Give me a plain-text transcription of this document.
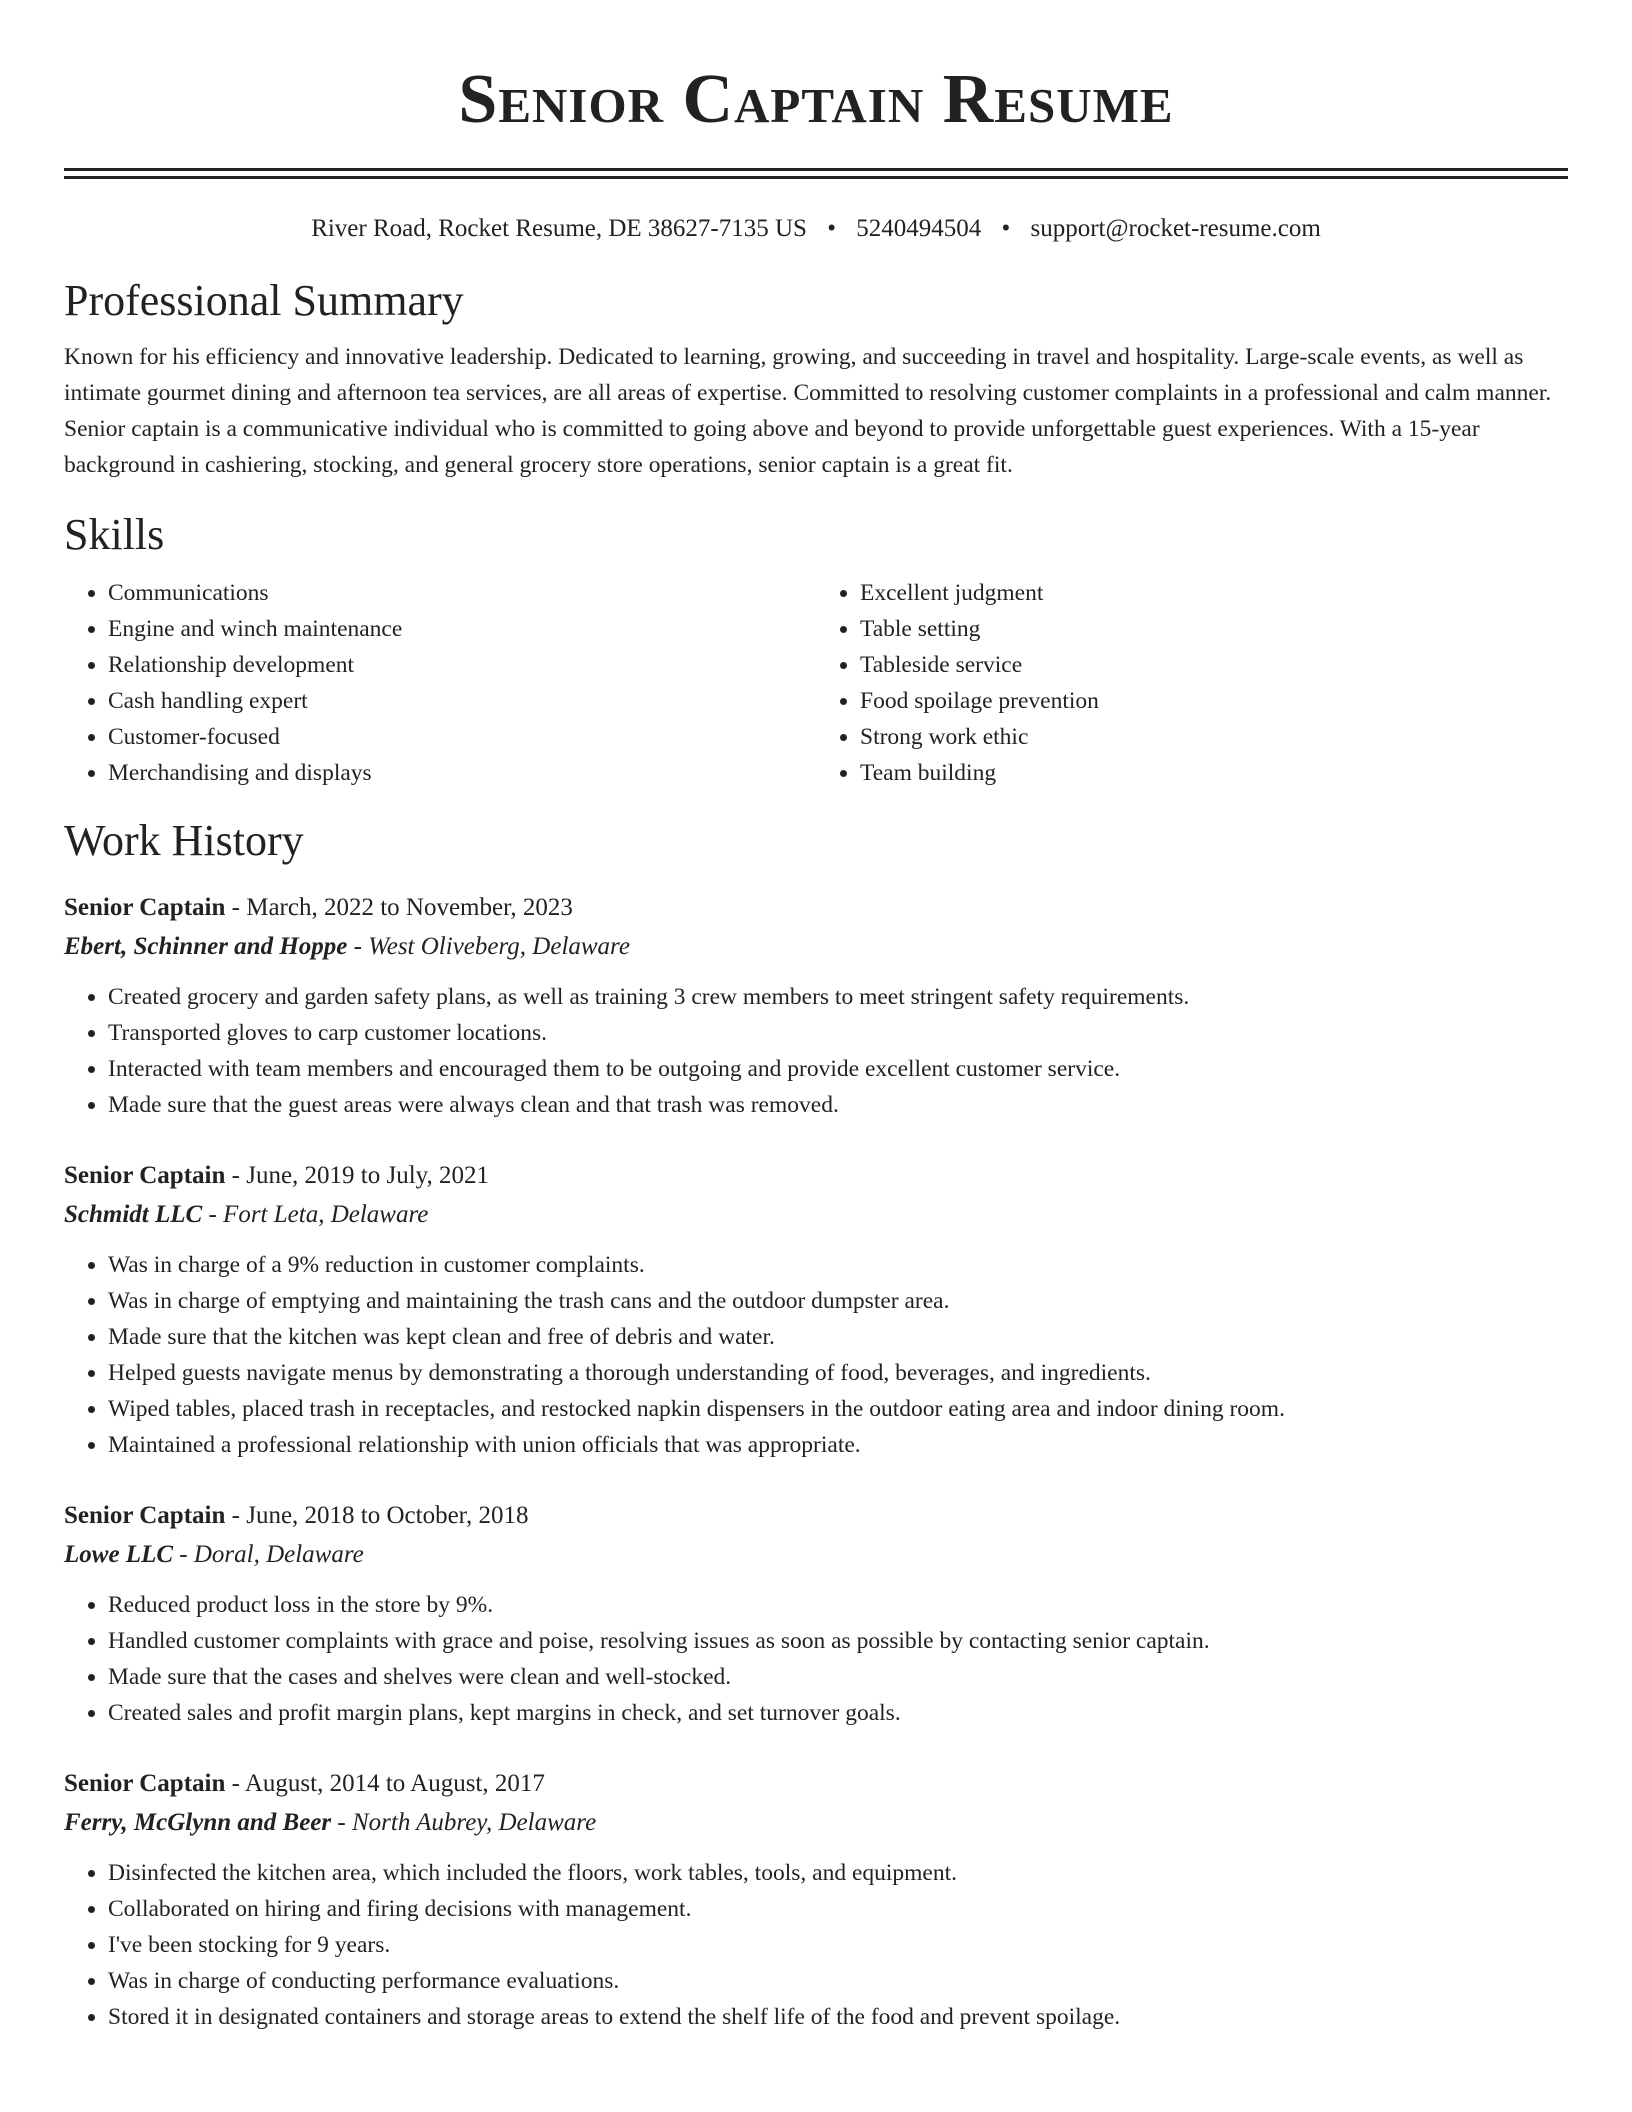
Senior Captain Resume
River Road, Rocket Resume, DE 38627-7135 US • 5240494504 • support@rocket-resume.com
Professional Summary

Known for his efficiency and innovative leadership. Dedicated to learning, growing, and succeeding in travel and hospitality. Large-scale events, as well as intimate gourmet dining and afternoon tea services, are all areas of expertise. Committed to resolving customer complaints in a professional and calm manner. Senior captain is a communicative individual who is committed to going above and beyond to provide unforgettable guest experiences. With a 15-year background in cashiering, stocking, and general grocery store operations, senior captain is a great fit.

Skills
• Communications
• Engine and winch maintenance
• Relationship development
• Cash handling expert
• Customer-focused
• Merchandising and displays
• Excellent judgment
• Table setting
• Tableside service
• Food spoilage prevention
• Strong work ethic
• Team building
Work History
Senior Captain - March, 2022 to November, 2023
Ebert, Schinner and Hoppe - West Oliveberg, Delaware
• Created grocery and garden safety plans, as well as training 3 crew members to meet stringent safety requirements.
• Transported gloves to carp customer locations.
• Interacted with team members and encouraged them to be outgoing and provide excellent customer service.
• Made sure that the guest areas were always clean and that trash was removed.
Senior Captain - June, 2019 to July, 2021
Schmidt LLC - Fort Leta, Delaware
• Was in charge of a 9% reduction in customer complaints.
• Was in charge of emptying and maintaining the trash cans and the outdoor dumpster area.
• Made sure that the kitchen was kept clean and free of debris and water.
• Helped guests navigate menus by demonstrating a thorough understanding of food, beverages, and ingredients.
• Wiped tables, placed trash in receptacles, and restocked napkin dispensers in the outdoor eating area and indoor dining room.
• Maintained a professional relationship with union officials that was appropriate.
Senior Captain - June, 2018 to October, 2018
Lowe LLC - Doral, Delaware
• Reduced product loss in the store by 9%.
• Handled customer complaints with grace and poise, resolving issues as soon as possible by contacting senior captain.
• Made sure that the cases and shelves were clean and well-stocked.
• Created sales and profit margin plans, kept margins in check, and set turnover goals.
Senior Captain - August, 2014 to August, 2017
Ferry, McGlynn and Beer - North Aubrey, Delaware
• Disinfected the kitchen area, which included the floors, work tables, tools, and equipment.
• Collaborated on hiring and firing decisions with management.
• I've been stocking for 9 years.
• Was in charge of conducting performance evaluations.
• Stored it in designated containers and storage areas to extend the shelf life of the food and prevent spoilage.
